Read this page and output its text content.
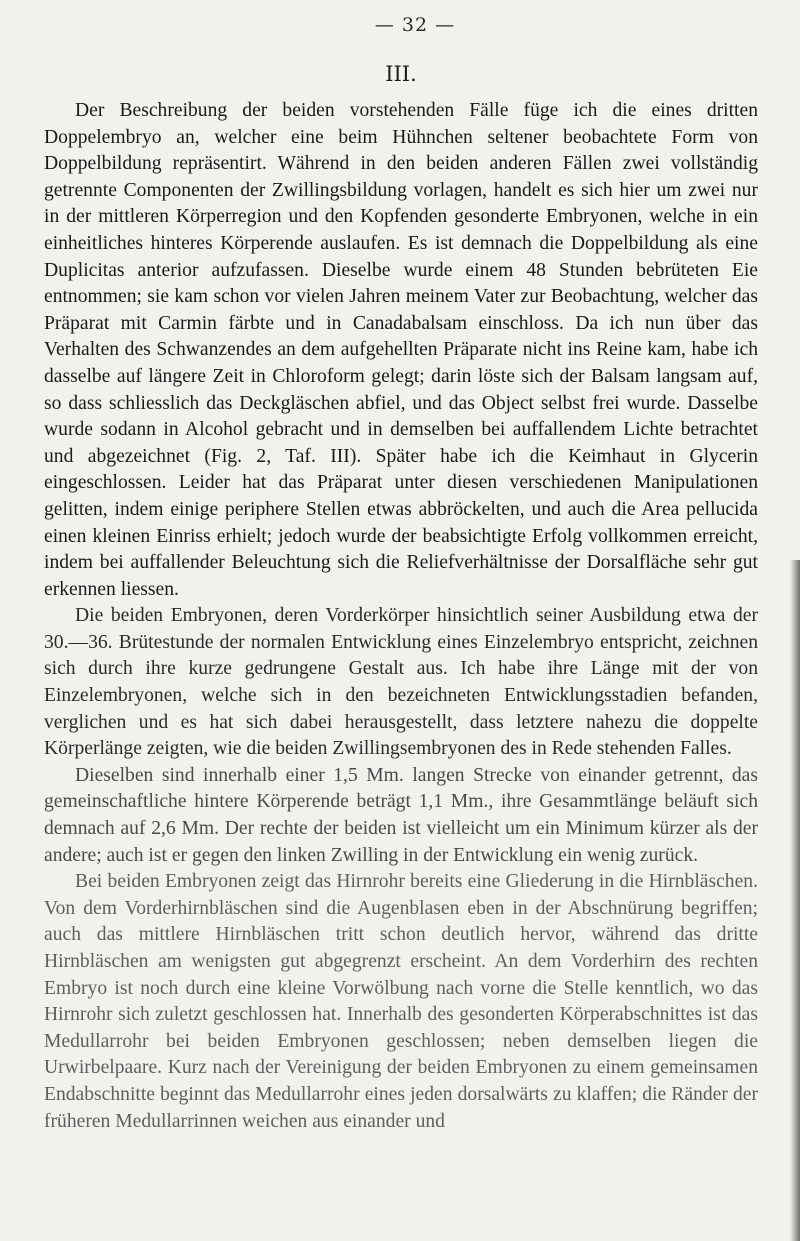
— 32 —
III.

Der Beschreibung der beiden vorstehenden Fälle füge ich die eines dritten Doppelembryo an, welcher eine beim Hühnchen seltener beobachtete Form von Doppelbildung repräsentirt. Während in den beiden anderen Fällen zwei vollständig getrennte Componenten der Zwillingsbildung vorlagen, handelt es sich hier um zwei nur in der mittleren Körperregion und den Kopfenden gesonderte Embryonen, welche in ein einheitliches hinteres Körperende auslaufen. Es ist demnach die Doppelbildung als eine Duplicitas anterior aufzufassen. Dieselbe wurde einem 48 Stunden bebrüteten Eie entnommen; sie kam schon vor vielen Jahren meinem Vater zur Beobachtung, welcher das Präparat mit Carmin färbte und in Canadabalsam einschloss. Da ich nun über das Verhalten des Schwanzendes an dem aufgehellten Präparate nicht ins Reine kam, habe ich dasselbe auf längere Zeit in Chloroform gelegt; darin löste sich der Balsam langsam auf, so dass schliesslich das Deckgläschen abfiel, und das Object selbst frei wurde. Dasselbe wurde sodann in Alcohol gebracht und in demselben bei auffallendem Lichte betrachtet und abgezeichnet (Fig. 2, Taf. III). Später habe ich die Keimhaut in Glycerin eingeschlossen. Leider hat das Präparat unter diesen verschiedenen Manipulationen gelitten, indem einige periphere Stellen etwas abbröckelten, und auch die Area pellucida einen kleinen Einriss erhielt; jedoch wurde der beabsichtigte Erfolg vollkommen erreicht, indem bei auffallender Beleuchtung sich die Reliefverhältnisse der Dorsalfläche sehr gut erkennen liessen.

Die beiden Embryonen, deren Vorderkörper hinsichtlich seiner Ausbildung etwa der 30.—36. Brütestunde der normalen Entwicklung eines Einzelembryo entspricht, zeichnen sich durch ihre kurze gedrungene Gestalt aus. Ich habe ihre Länge mit der von Einzelembryonen, welche sich in den bezeichneten Entwicklungsstadien befanden, verglichen und es hat sich dabei herausgestellt, dass letztere nahezu die doppelte Körperlänge zeigten, wie die beiden Zwillingsembryonen des in Rede stehenden Falles.

Dieselben sind innerhalb einer 1,5 Mm. langen Strecke von einander getrennt, das gemeinschaftliche hintere Körperende beträgt 1,1 Mm., ihre Gesammtlänge beläuft sich demnach auf 2,6 Mm. Der rechte der beiden ist vielleicht um ein Minimum kürzer als der andere; auch ist er gegen den linken Zwilling in der Entwicklung ein wenig zurück.

Bei beiden Embryonen zeigt das Hirnrohr bereits eine Gliederung in die Hirnbläschen. Von dem Vorderhirnbläschen sind die Augenblasen eben in der Abschnürung begriffen; auch das mittlere Hirnbläschen tritt schon deutlich hervor, während das dritte Hirnbläschen am wenigsten gut abgegrenzt erscheint. An dem Vorderhirn des rechten Embryo ist noch durch eine kleine Vorwölbung nach vorne die Stelle kenntlich, wo das Hirnrohr sich zuletzt geschlossen hat. Innerhalb des gesonderten Körperabschnittes ist das Medullarrohr bei beiden Embryonen geschlossen; neben demselben liegen die Urwirbelpaare. Kurz nach der Vereinigung der beiden Embryonen zu einem gemeinsamen Endabschnitte beginnt das Medullarrohr eines jeden dorsalwärts zu klaffen; die Ränder der früheren Medullarrinnen weichen aus einander und
